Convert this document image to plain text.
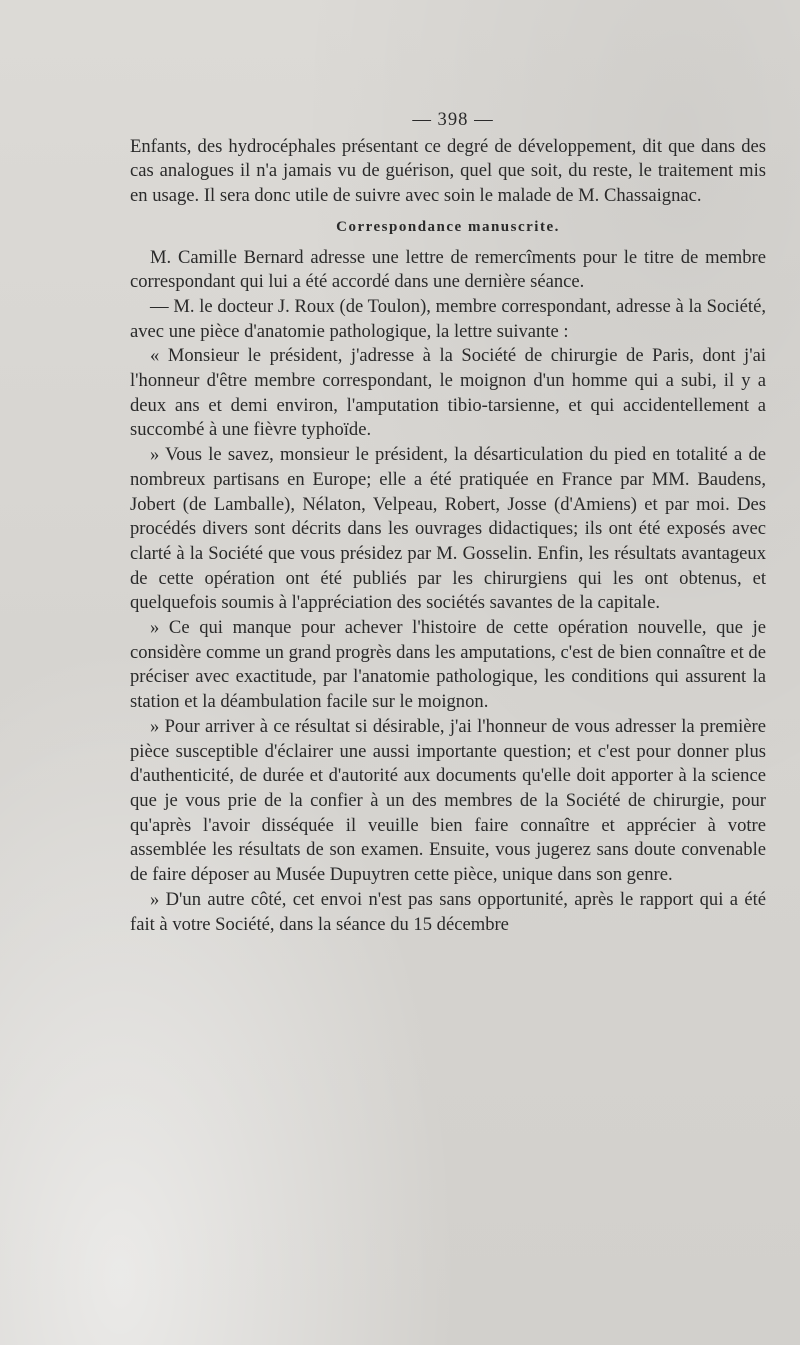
— 398 —

Enfants, des hydrocéphales présentant ce degré de développement, dit que dans des cas analogues il n'a jamais vu de guérison, quel que soit, du reste, le traitement mis en usage. Il sera donc utile de suivre avec soin le malade de M. Chassaignac.

Correspondance manuscrite.

M. Camille Bernard adresse une lettre de remercîments pour le titre de membre correspondant qui lui a été accordé dans une dernière séance.

— M. le docteur J. Roux (de Toulon), membre correspondant, adresse à la Société, avec une pièce d'anatomie pathologique, la lettre suivante :

« Monsieur le président, j'adresse à la Société de chirurgie de Paris, dont j'ai l'honneur d'être membre correspondant, le moignon d'un homme qui a subi, il y a deux ans et demi environ, l'amputation tibio-tarsienne, et qui accidentellement a succombé à une fièvre typhoïde.

» Vous le savez, monsieur le président, la désarticulation du pied en totalité a de nombreux partisans en Europe; elle a été pratiquée en France par MM. Baudens, Jobert (de Lamballe), Nélaton, Velpeau, Robert, Josse (d'Amiens) et par moi. Des procédés divers sont décrits dans les ouvrages didactiques; ils ont été exposés avec clarté à la Société que vous présidez par M. Gosselin. Enfin, les résultats avantageux de cette opération ont été publiés par les chirurgiens qui les ont obtenus, et quelquefois soumis à l'appréciation des sociétés savantes de la capitale.

» Ce qui manque pour achever l'histoire de cette opération nouvelle, que je considère comme un grand progrès dans les amputations, c'est de bien connaître et de préciser avec exactitude, par l'anatomie pathologique, les conditions qui assurent la station et la déambulation facile sur le moignon.

» Pour arriver à ce résultat si désirable, j'ai l'honneur de vous adresser la première pièce susceptible d'éclairer une aussi importante question; et c'est pour donner plus d'authenticité, de durée et d'autorité aux documents qu'elle doit apporter à la science que je vous prie de la confier à un des membres de la Société de chirurgie, pour qu'après l'avoir disséquée il veuille bien faire connaître et apprécier à votre assemblée les résultats de son examen. Ensuite, vous jugerez sans doute convenable de faire déposer au Musée Dupuytren cette pièce, unique dans son genre.

» D'un autre côté, cet envoi n'est pas sans opportunité, après le rapport qui a été fait à votre Société, dans la séance du 15 décembre
